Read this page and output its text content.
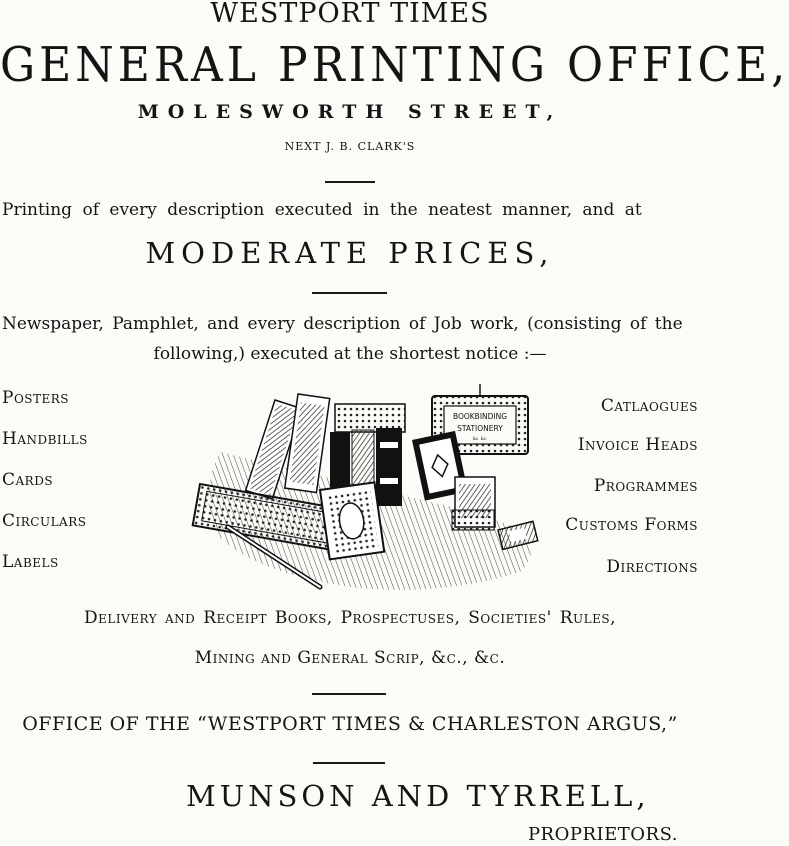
WESTPORT TIMES
GENERAL PRINTING OFFICE,
MOLESWORTH STREET,
NEXT J. B. CLARK'S
Printing of every description executed in the neatest manner, and at
MODERATE PRICES,
Newspaper, Pamphlet, and every description of Job work, (consisting of the
following,) executed at the shortest notice :—
Posters
Handbills
Cards
Circulars
Labels
Catlaogues
Invoice Heads
Programmes
Customs Forms
Directions
BOOKBINDING
STATIONERY
&c. &c.
Delivery and Receipt Books, Prospectuses, Societies' Rules,
Mining and General Scrip, &c., &c.
OFFICE OF THE “WESTPORT TIMES & CHARLESTON ARGUS,”
MUNSON AND TYRRELL,
PROPRIETORS.
